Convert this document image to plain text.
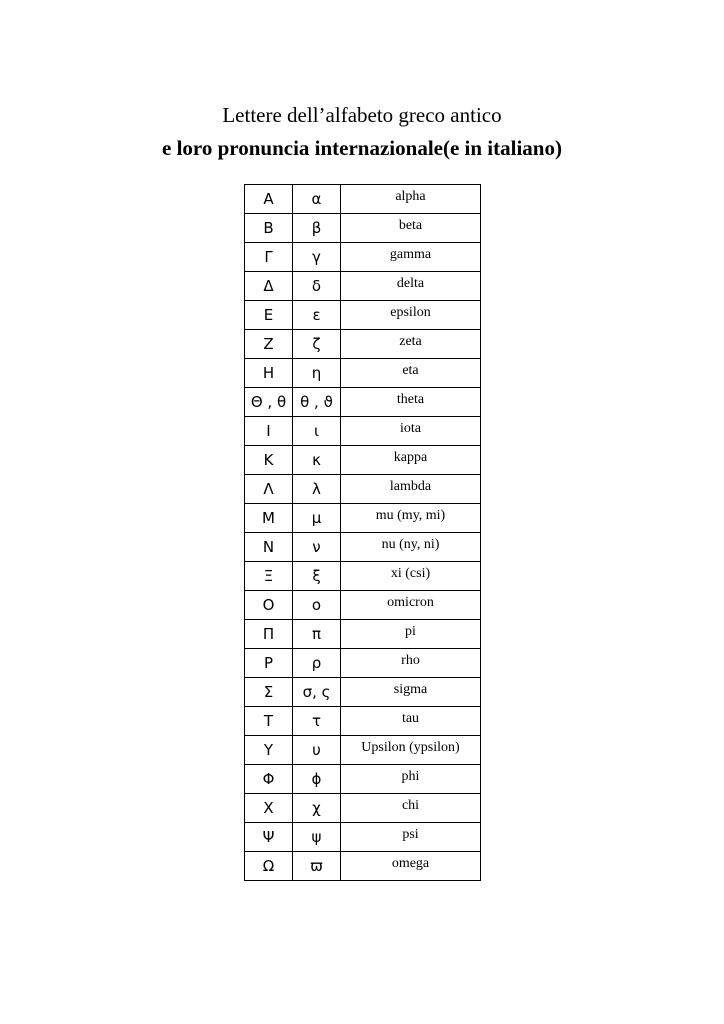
Lettere dell’alfabeto greco antico
e loro pronuncia internazionale(e in italiano)
Α	α	alpha
Β	β	beta
Γ	γ	gamma
Δ	δ	delta
Ε	ε	epsilon
Ζ	ζ	zeta
Η	η	eta
Θ , θ	θ , ϑ	theta
Ι	ι	iota
Κ	κ	kappa
Λ	λ	lambda
Μ	μ	mu (my, mi)
Ν	ν	nu (ny, ni)
Ξ	ξ	xi (csi)
Ο	ο	omicron
Π	π	pi
Ρ	ρ	rho
Σ	σ, ς	sigma
Τ	τ	tau
Υ	υ	Upsilon (ypsilon)
Φ	ϕ	phi
Χ	χ	chi
Ψ	ψ	psi
Ω	ϖ	omega
